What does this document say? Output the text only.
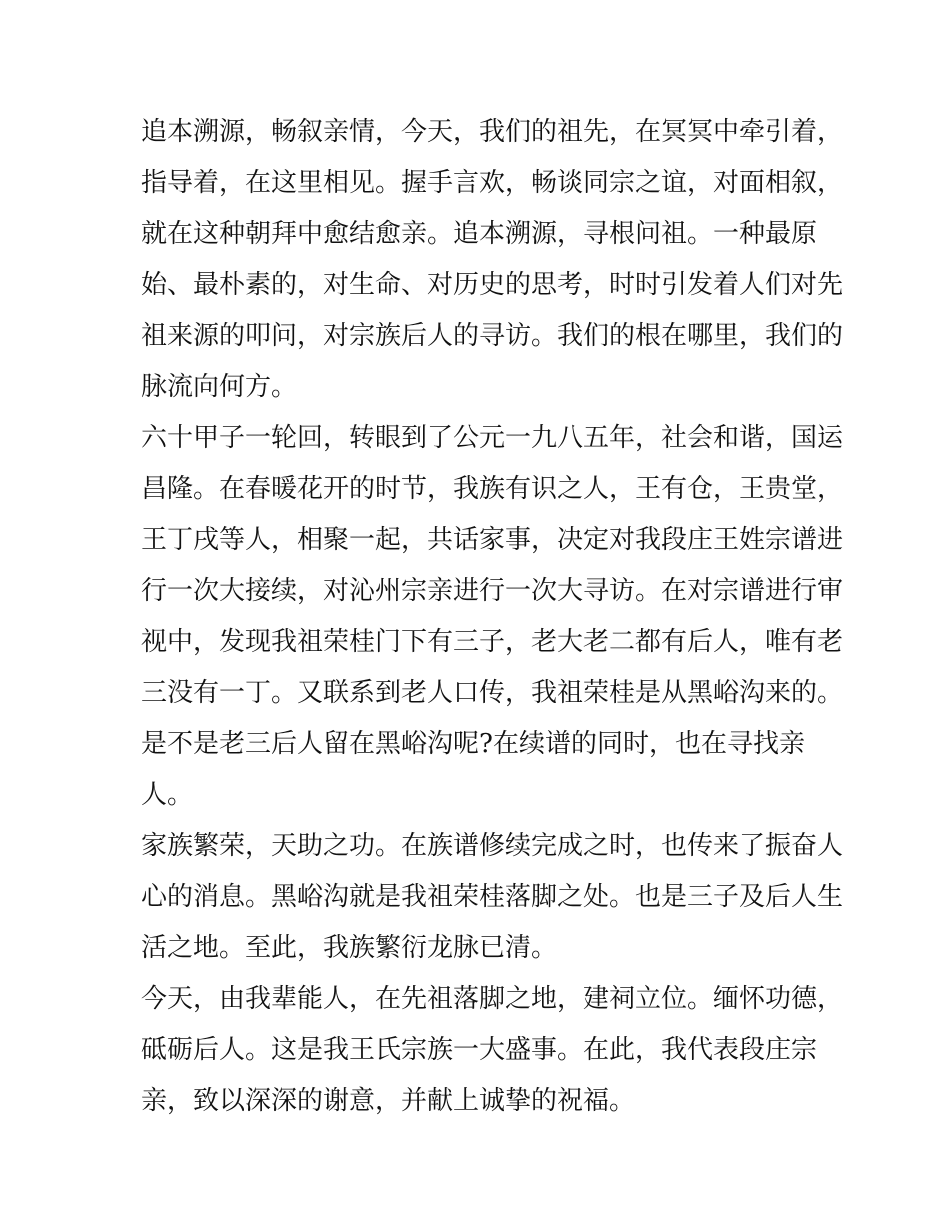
追本溯源，畅叙亲情，今天，我们的祖先，在冥冥中牵引着，
指导着，在这里相见。握手言欢，畅谈同宗之谊，对面相叙，
就在这种朝拜中愈结愈亲。追本溯源，寻根问祖。一种最原
始、最朴素的，对生命、对历史的思考，时时引发着人们对先
祖来源的叩问，对宗族后人的寻访。我们的根在哪里，我们的
脉流向何方。
六十甲子一轮回，转眼到了公元一九八五年，社会和谐，国运
昌隆。在春暖花开的时节，我族有识之人，王有仓，王贵堂，
王丁戌等人，相聚一起，共话家事，决定对我段庄王姓宗谱进
行一次大接续，对沁州宗亲进行一次大寻访。在对宗谱进行审
视中，发现我祖荣桂门下有三子，老大老二都有后人，唯有老
三没有一丁。又联系到老人口传，我祖荣桂是从黑峪沟来的。
是不是老三后人留在黑峪沟呢?在续谱的同时，也在寻找亲
人。
家族繁荣，天助之功。在族谱修续完成之时，也传来了振奋人
心的消息。黑峪沟就是我祖荣桂落脚之处。也是三子及后人生
活之地。至此，我族繁衍龙脉已清。
今天，由我辈能人，在先祖落脚之地，建祠立位。缅怀功德，
砥砺后人。这是我王氏宗族一大盛事。在此，我代表段庄宗
亲，致以深深的谢意，并献上诚挚的祝福。
